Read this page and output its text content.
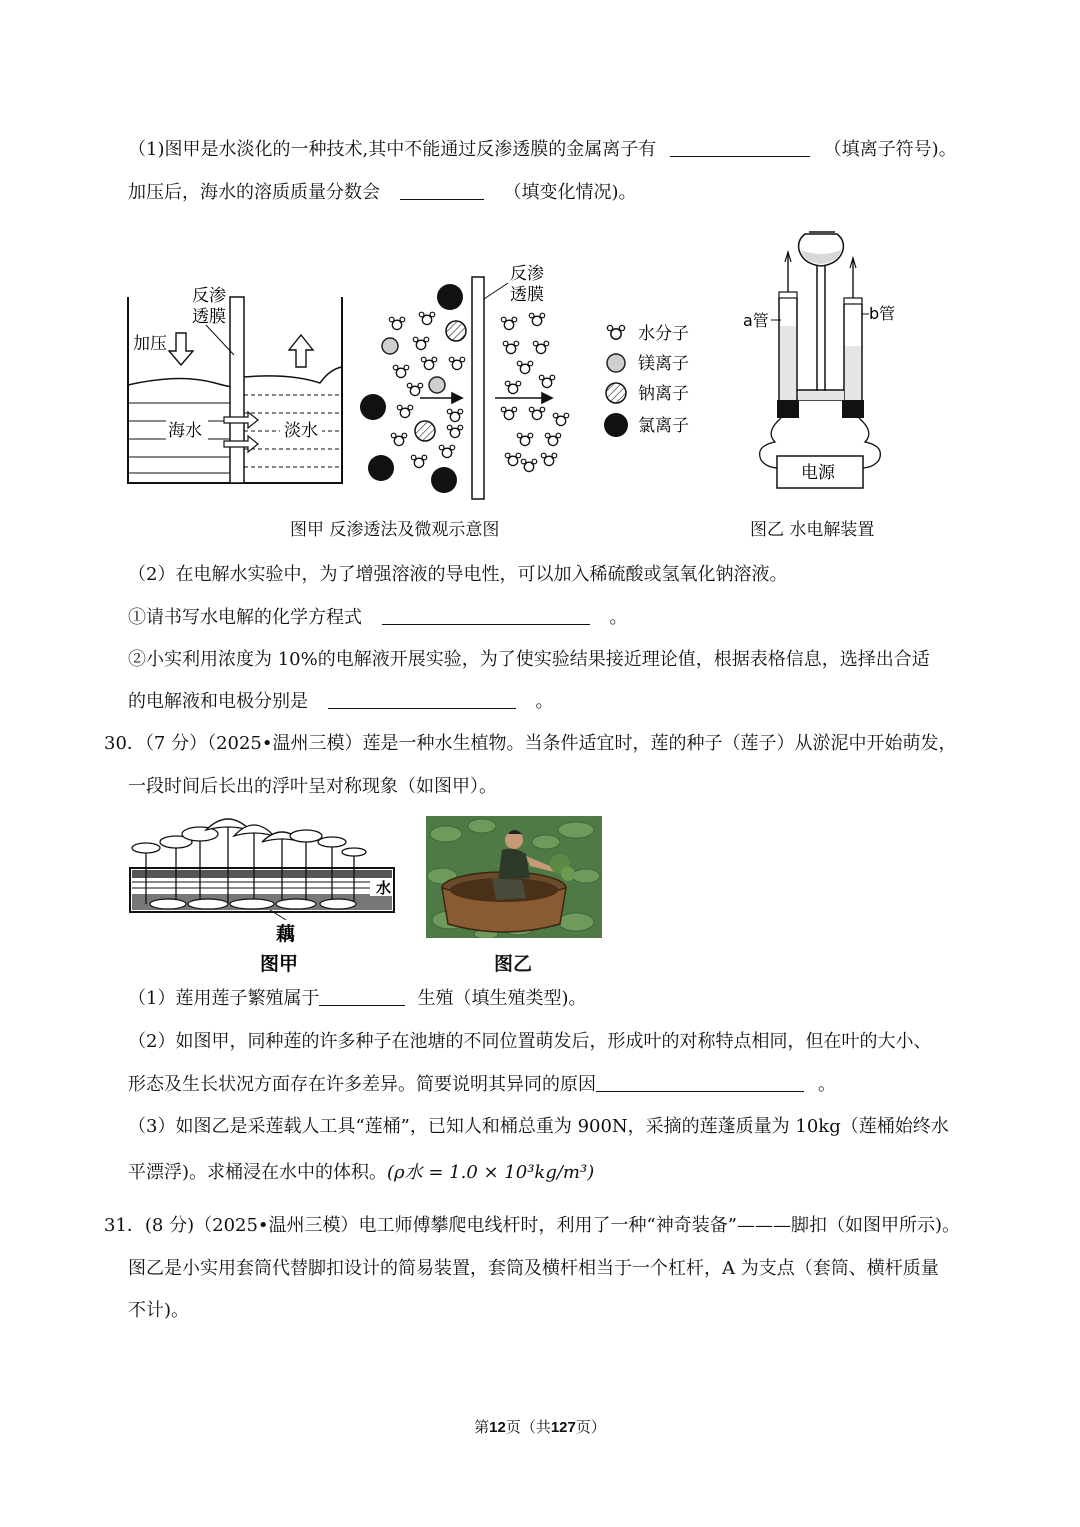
（1)图甲是水淡化的一种技术,其中不能通过反渗透膜的金属离子有	（填离子符号)。
加压后，海水的溶质质量分数会	（填变化情况)。
加压
反渗
透膜
海水	淡水
反渗
透膜
水分子
镁离子
钠离子
氯离子
电源
a管	b管
图甲 反渗透法及微观示意图	图乙 水电解装置
（2）在电解水实验中，为了增强溶液的导电性，可以加入稀硫酸或氢氧化钠溶液。
①请书写水电解的化学方程式	。
②小实利用浓度为 10%的电解液开展实验，为了使实验结果接近理论值，根据表格信息，选择出合适
的电解液和电极分别是	。
30．（7 分）（2025•温州三模）莲是一种水生植物。当条件适宜时，莲的种子（莲子）从淤泥中开始萌发，
一段时间后长出的浮叶呈对称现象（如图甲）。
水
藕
图甲	图乙
（1）莲用莲子繁殖属于	生殖（填生殖类型)。
（2）如图甲，同种莲的许多种子在池塘的不同位置萌发后，形成叶的对称特点相同，但在叶的大小、
形态及生长状况方面存在许多差异。简要说明其异同的原因	。
（3）如图乙是采莲载人工具“莲桶”，已知人和桶总重为 900N，采摘的莲蓬质量为 10kg（莲桶始终水
平漂浮)。求桶浸在水中的体积。(ρ水 = 1.0 × 10³kg/m³)
31．(8 分)（2025•温州三模）电工师傅攀爬电线杆时，利用了一种“神奇装备”———脚扣（如图甲所示)。
图乙是小实用套筒代替脚扣设计的简易装置，套筒及横杆相当于一个杠杆，A 为支点（套筒、横杆质量
不计)。
第12页（共127页）
